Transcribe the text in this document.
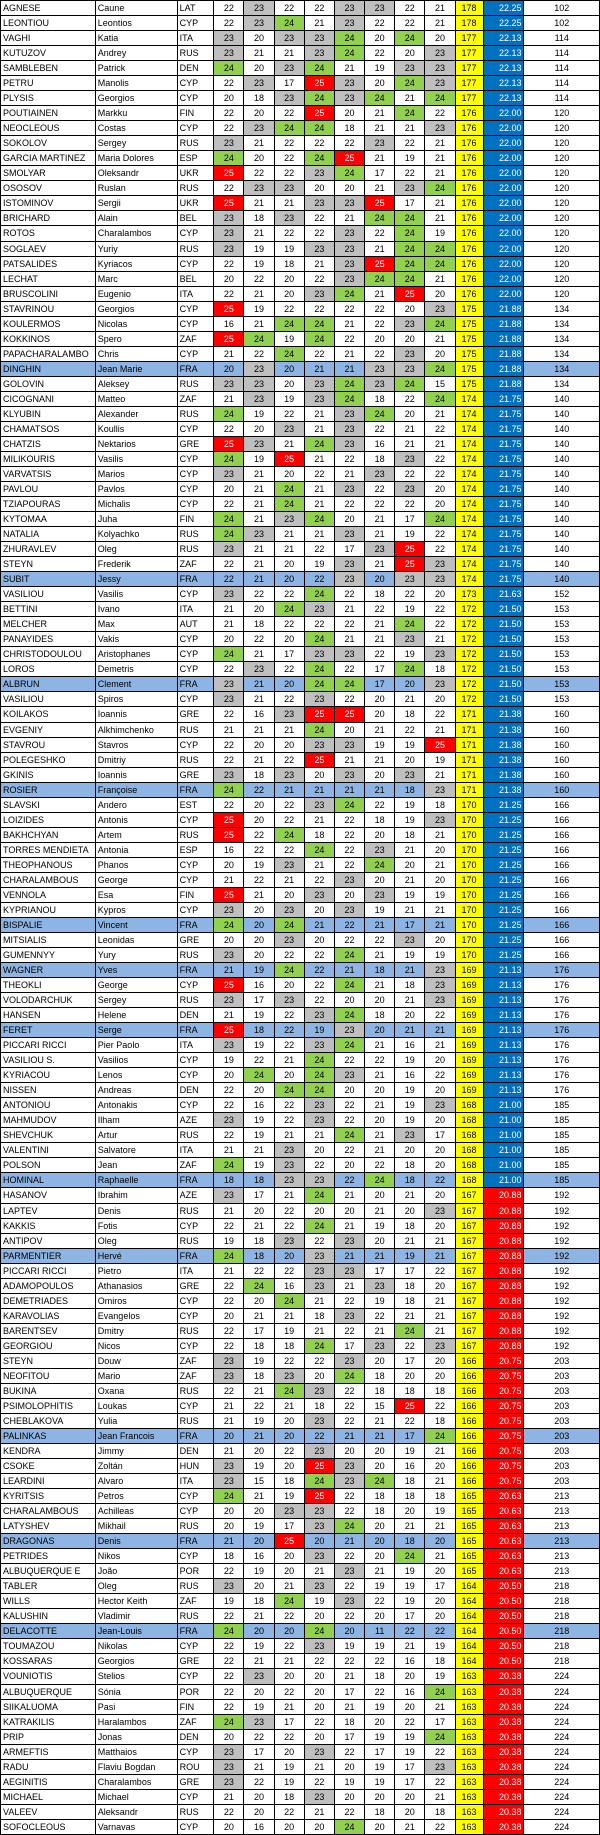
AGNESE	Caune	LAT	22	23	22	22	23	23	22	21	178	22.25	102
LEONTIOU	Leontios	CYP	22	23	24	21	23	22	22	21	178	22.25	102
VAGHI	Katia	ITA	23	20	23	23	24	20	24	20	177	22.13	114
KUTUZOV	Andrey	RUS	23	21	21	23	24	22	20	23	177	22.13	114
SAMBLEBEN	Patrick	DEN	24	20	23	24	21	19	23	23	177	22.13	114
PETRU	Manolis	CYP	22	23	17	25	23	20	24	23	177	22.13	114
PLYSIS	Georgios	CYP	20	18	23	24	23	24	21	24	177	22.13	114
POUTIAINEN	Markku	FIN	22	20	22	25	20	21	24	22	176	22.00	120
NEOCLEOUS	Costas	CYP	22	23	24	24	18	21	21	23	176	22.00	120
SOKOLOV	Sergey	RUS	23	21	22	22	22	23	22	21	176	22.00	120
GARCIA MARTINEZ	Maria Dolores	ESP	24	20	22	24	25	21	19	21	176	22.00	120
SMOLYAR	Oleksandr	UKR	25	22	22	23	24	17	22	21	176	22.00	120
OSOSOV	Ruslan	RUS	22	23	23	20	20	21	23	24	176	22.00	120
ISTOMINOV	Sergii	UKR	25	21	21	23	23	25	17	21	176	22.00	120
BRICHARD	Alain	BEL	23	18	23	22	21	24	24	21	176	22.00	120
ROTOS	Charalambos	CYP	23	21	22	22	23	22	24	19	176	22.00	120
SOGLAEV	Yuriy	RUS	23	19	19	23	23	21	24	24	176	22.00	120
PATSALIDES	Kyriacos	CYP	22	19	18	21	23	25	24	24	176	22.00	120
LECHAT	Marc	BEL	20	22	20	22	23	24	24	21	176	22.00	120
BRUSCOLINI	Eugenio	ITA	22	21	20	23	24	21	25	20	176	22.00	120
STAVRINOU	Georgios	CYP	25	19	22	22	22	22	20	23	175	21.88	134
KOULERMOS	Nicolas	CYP	16	21	24	24	21	22	23	24	175	21.88	134
KOKKINOS	Spero	ZAF	25	24	19	24	22	20	20	21	175	21.88	134
PAPACHARALAMBO	Chris	CYP	21	22	24	22	21	22	23	20	175	21.88	134
DINGHIN	Jean Marie	FRA	20	23	20	21	21	23	23	24	175	21.88	134
GOLOVIN	Aleksey	RUS	23	23	20	23	24	23	24	15	175	21.88	134
CICOGNANI	Matteo	ZAF	21	23	19	23	24	18	22	24	174	21.75	140
KLYUBIN	Alexander	RUS	24	19	22	21	23	24	20	21	174	21.75	140
CHAMATSOS	Koullis	CYP	22	20	23	21	23	22	21	22	174	21.75	140
CHATZIS	Nektarios	GRE	25	23	21	24	23	16	21	21	174	21.75	140
MILIKOURIS	Vasilis	CYP	24	19	25	21	22	18	23	22	174	21.75	140
VARVATSIS	Marios	CYP	23	21	20	22	21	23	22	22	174	21.75	140
PAVLOU	Pavlos	CYP	20	21	24	21	23	22	23	20	174	21.75	140
TZIAPOURAS	Michalis	CYP	22	21	24	21	22	22	22	20	174	21.75	140
KYTOMAA	Juha	FIN	24	21	23	24	20	21	17	24	174	21.75	140
NATALIA	Kolyachko	RUS	24	23	21	21	23	21	19	22	174	21.75	140
ZHURAVLEV	Oleg	RUS	23	21	21	22	17	23	25	22	174	21.75	140
STEYN	Frederik	ZAF	22	21	20	19	23	21	25	23	174	21.75	140
SUBIT	Jessy	FRA	22	21	20	22	23	20	23	23	174	21.75	140
VASILIOU	Vasilis	CYP	23	22	22	24	22	18	22	20	173	21.63	152
BETTINI	Ivano	ITA	21	20	24	23	21	22	19	22	172	21.50	153
MELCHER	Max	AUT	21	18	22	22	22	21	24	22	172	21.50	153
PANAYIDES	Vakis	CYP	20	22	20	24	21	21	23	21	172	21.50	153
CHRISTODOULOU	Aristophanes	CYP	24	21	17	23	23	22	19	23	172	21.50	153
LOROS	Demetris	CYP	22	23	22	24	22	17	24	18	172	21.50	153
ALBRUN	Clement	FRA	23	21	20	24	24	17	20	23	172	21.50	153
VASILIOU	Spiros	CYP	23	21	22	23	22	20	21	20	172	21.50	153
KOILAKOS	Ioannis	GRE	22	16	23	25	25	20	18	22	171	21.38	160
EVGENIY	Alkhimchenko	RUS	21	21	21	24	20	21	22	21	171	21.38	160
STAVROU	Stavros	CYP	22	20	20	23	23	19	19	25	171	21.38	160
POLEGESHKO	Dmitriy	RUS	22	21	22	25	21	21	20	19	171	21.38	160
GKINIS	Ioannis	GRE	23	18	23	20	23	20	23	21	171	21.38	160
ROSIER	Françoise	FRA	24	22	21	21	21	21	18	23	171	21.38	160
SLAVSKI	Andero	EST	22	20	22	23	24	22	19	18	170	21.25	166
LOIZIDES	Antonis	CYP	25	20	22	21	22	18	19	23	170	21.25	166
BAKHCHYAN	Artem	RUS	25	22	24	18	22	20	18	21	170	21.25	166
TORRES MENDIETA	Antonia	ESP	16	22	22	24	22	23	21	20	170	21.25	166
THEOPHANOUS	Phanos	CYP	20	19	23	21	22	24	20	21	170	21.25	166
CHARALAMBOUS	George	CYP	21	22	21	22	23	20	21	20	170	21.25	166
VENNOLA	Esa	FIN	25	21	20	23	20	23	19	19	170	21.25	166
KYPRIANOU	Kypros	CYP	23	20	23	20	23	19	21	21	170	21.25	166
BISPALIE	Vincent	FRA	24	20	24	21	22	21	17	21	170	21.25	166
MITSIALIS	Leonidas	GRE	20	20	23	20	22	22	23	20	170	21.25	166
GUMENNYY	Yury	RUS	23	20	22	22	24	21	19	19	170	21.25	166
WAGNER	Yves	FRA	21	19	24	22	21	18	21	23	169	21.13	176
THEOKLI	George	CYP	25	16	20	22	24	21	18	23	169	21.13	176
VOLODARCHUK	Sergey	RUS	23	17	23	22	20	20	21	23	169	21.13	176
HANSEN	Helene	DEN	21	19	22	23	24	18	20	22	169	21.13	176
FERET	Serge	FRA	25	18	22	19	23	20	21	21	169	21.13	176
PICCARI RICCI	Pier Paolo	ITA	23	19	22	23	24	21	16	21	169	21.13	176
VASILIOU S.	Vasilios	CYP	19	22	21	24	22	22	19	20	169	21.13	176
KYRIACOU	Lenos	CYP	20	24	20	24	23	21	16	22	169	21.13	176
NISSEN	Andreas	DEN	22	20	24	24	20	20	19	20	169	21.13	176
ANTONIOU	Antonakis	CYP	22	16	22	23	22	21	19	23	168	21.00	185
MAHMUDOV	Ilham	AZE	23	19	22	23	22	20	19	20	168	21.00	185
SHEVCHUK	Artur	RUS	22	19	21	21	24	21	23	17	168	21.00	185
VALENTINI	Salvatore	ITA	21	21	23	20	22	21	20	20	168	21.00	185
POLSON	Jean	ZAF	24	19	23	22	20	22	18	20	168	21.00	185
HOMINAL	Raphaelle	FRA	18	18	23	23	22	24	18	22	168	21.00	185
HASANOV	Ibrahim	AZE	23	17	21	24	21	20	21	20	167	20.88	192
LAPTEV	Denis	RUS	21	20	22	20	20	21	20	23	167	20.88	192
KAKKIS	Fotis	CYP	22	21	22	24	21	19	18	20	167	20.88	192
ANTIPOV	Oleg	RUS	19	18	23	22	23	20	21	21	167	20.88	192
PARMENTIER	Hervé	FRA	24	18	20	23	21	21	19	21	167	20.88	192
PICCARI RICCI	Pietro	ITA	21	22	22	23	23	17	17	22	167	20.88	192
ADAMOPOULOS	Athanasios	GRE	22	24	16	23	21	23	18	20	167	20.88	192
DEMETRIADES	Omiros	CYP	22	20	24	21	22	19	18	21	167	20.88	192
KARAVOLIAS	Evangelos	CYP	20	21	21	18	23	22	21	21	167	20.88	192
BARENTSEV	Dmitry	RUS	22	17	19	21	22	21	24	21	167	20.88	192
GEORGIOU	Nicos	CYP	22	18	18	24	17	23	22	23	167	20.88	192
STEYN	Douw	ZAF	23	19	22	22	23	20	17	20	166	20.75	203
NEOFITOU	Mario	ZAF	23	18	23	20	24	18	20	20	166	20.75	203
BUKINA	Oxana	RUS	22	21	24	23	22	18	18	18	166	20.75	203
PSIMOLOPHITIS	Loukas	CYP	21	22	21	18	22	15	25	22	166	20.75	203
CHEBLAKOVA	Yulia	RUS	21	19	20	23	22	21	22	18	166	20.75	203
PALINKAS	Jean Francois	FRA	20	21	20	22	21	21	17	24	166	20.75	203
KENDRA	Jimmy	DEN	21	20	22	23	20	20	19	21	166	20.75	203
CSOKE	Zoltán	HUN	23	19	20	25	23	20	16	20	166	20.75	203
LEARDINI	Alvaro	ITA	23	15	18	24	23	24	18	21	166	20.75	203
KYRITSIS	Petros	CYP	24	21	19	25	22	18	18	18	165	20.63	213
CHARALAMBOUS	Achilleas	CYP	20	20	23	23	22	18	20	19	165	20.63	213
LATYSHEV	Mikhail	RUS	20	19	17	23	24	20	21	21	165	20.63	213
DRAGONAS	Denis	FRA	21	20	25	20	21	20	18	20	165	20.63	213
PETRIDES	Nikos	CYP	18	16	20	23	22	20	24	21	165	20.63	213
ALBUQUERQUE E	João	POR	22	19	20	21	23	21	19	20	165	20.63	213
TABLER	Oleg	RUS	23	20	21	23	22	19	19	17	164	20.50	218
WILLS	Hector Keith	ZAF	19	18	24	19	23	22	19	20	164	20.50	218
KALUSHIN	Vladimir	RUS	22	21	22	20	22	20	17	20	164	20.50	218
DELACOTTE	Jean-Louis	FRA	24	20	20	24	20	11	22	22	164	20.50	218
TOUMAZOU	Nikolas	CYP	22	19	22	23	19	19	21	19	164	20.50	218
KOSSARAS	Georgios	GRE	22	21	21	22	22	22	16	18	164	20.50	218
VOUNIOTIS	Stelios	CYP	22	23	20	20	21	18	20	19	163	20.38	224
ALBUQUERQUE	Sónia	POR	22	20	22	20	17	22	16	24	163	20.38	224
SIIKALUOMA	Pasi	FIN	22	19	21	20	21	19	20	21	163	20.38	224
KATRAKILIS	Haralambos	ZAF	24	23	17	22	18	20	22	17	163	20.38	224
PRIP	Jonas	DEN	20	22	22	20	17	19	19	24	163	20.38	224
ARMEFTIS	Matthaios	CYP	23	17	20	23	22	17	19	22	163	20.38	224
RADU	Flaviu Bogdan	ROU	23	21	19	21	20	19	17	23	163	20.38	224
AEGINITIS	Charalambos	GRE	23	22	19	22	19	19	17	22	163	20.38	224
MICHAEL	Michael	CYP	21	20	18	23	20	20	20	21	163	20.38	224
VALEEV	Aleksandr	RUS	22	20	22	21	22	18	20	18	163	20.38	224
SOFOCLEOUS	Varnavas	CYP	20	16	20	20	24	20	21	22	163	20.38	224
